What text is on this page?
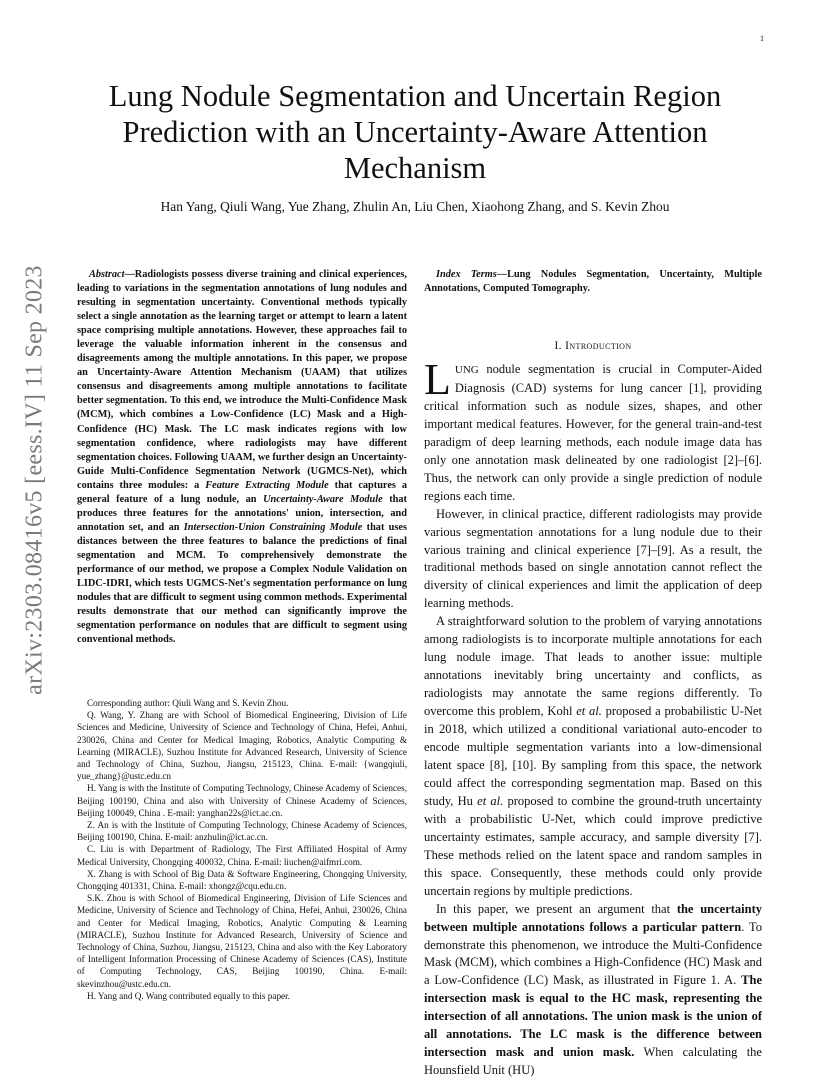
1
arXiv:2303.08416v5 [eess.IV] 11 Sep 2023
Lung Nodule Segmentation and Uncertain Region Prediction with an Uncertainty-Aware Attention Mechanism

Han Yang, Qiuli Wang, Yue Zhang, Zhulin An, Liu Chen, Xiaohong Zhang, and S. Kevin Zhou

Abstract—Radiologists possess diverse training and clinical experiences, leading to variations in the segmentation annotations of lung nodules and resulting in segmentation uncertainty. Conventional methods typically select a single annotation as the learning target or attempt to learn a latent space comprising multiple annotations. However, these approaches fail to leverage the valuable information inherent in the consensus and disagreements among the multiple annotations. In this paper, we propose an Uncertainty-Aware Attention Mechanism (UAAM) that utilizes consensus and disagreements among multiple annotations to facilitate better segmentation. To this end, we introduce the Multi-Confidence Mask (MCM), which combines a Low-Confidence (LC) Mask and a High-Confidence (HC) Mask. The LC mask indicates regions with low segmentation confidence, where radiologists may have different segmentation choices. Following UAAM, we further design an Uncertainty-Guide Multi-Confidence Segmentation Network (UGMCS-Net), which contains three modules: a Feature Extracting Module that captures a general feature of a lung nodule, an Uncertainty-Aware Module that produces three features for the annotations' union, intersection, and annotation set, and an Intersection-Union Constraining Module that uses distances between the three features to balance the predictions of final segmentation and MCM. To comprehensively demonstrate the performance of our method, we propose a Complex Nodule Validation on LIDC-IDRI, which tests UGMCS-Net's segmentation performance on lung nodules that are difficult to segment using common methods. Experimental results demonstrate that our method can significantly improve the segmentation performance on nodules that are difficult to segment using conventional methods.

Corresponding author: Qiuli Wang and S. Kevin Zhou.

Q. Wang, Y. Zhang are with School of Biomedical Engineering, Division of Life Sciences and Medicine, University of Science and Technology of China, Hefei, Anhui, 230026, China and Center for Medical Imaging, Robotics, Analytic Computing & Learning (MIRACLE), Suzhou Institute for Advanced Research, University of Science and Technology of China, Suzhou, Jiangsu, 215123, China. E-mail: {wangqiuli, yue_zhang}@ustc.edu.cn

H. Yang is with the Institute of Computing Technology, Chinese Academy of Sciences, Beijing 100190, China and also with University of Chinese Academy of Sciences, Beijing 100049, China . E-mail: yanghan22s@ict.ac.cn.

Z. An is with the Institute of Computing Technology, Chinese Academy of Sciences, Beijing 100190, China. E-mail: anzhulin@ict.ac.cn.

C. Liu is with Department of Radiology, The First Affiliated Hospital of Army Medical University, Chongqing 400032, China. E-mail: liuchen@aifmri.com.

X. Zhang is with School of Big Data & Software Engineering, Chongqing University, Chongqing 401331, China. E-mail: xhongz@cqu.edu.cn.

S.K. Zhou is with School of Biomedical Engineering, Division of Life Sciences and Medicine, University of Science and Technology of China, Hefei, Anhui, 230026, China and Center for Medical Imaging, Robotics, Analytic Computing & Learning (MIRACLE), Suzhou Institute for Advanced Research, University of Science and Technology of China, Suzhou, Jiangsu, 215123, China and also with the Key Laboratory of Intelligent Information Processing of Chinese Academy of Sciences (CAS), Institute of Computing Technology, CAS, Beijing 100190, China. E-mail: skevinzhou@ustc.edu.cn.

H. Yang and Q. Wang contributed equally to this paper.

Index Terms—Lung Nodules Segmentation, Uncertainty, Multiple Annotations, Computed Tomography.

I. Introduction

LUNG nodule segmentation is crucial in Computer-Aided Diagnosis (CAD) systems for lung cancer [1], providing critical information such as nodule sizes, shapes, and other important medical features. However, for the general train-and-test paradigm of deep learning methods, each nodule image data has only one annotation mask delineated by one radiologist [2]–[6]. Thus, the network can only provide a single prediction of nodule regions each time.

However, in clinical practice, different radiologists may provide various segmentation annotations for a lung nodule due to their various training and clinical experience [7]–[9]. As a result, the traditional methods based on single annotation cannot reflect the diversity of clinical experiences and limit the application of deep learning methods.

A straightforward solution to the problem of varying annotations among radiologists is to incorporate multiple annotations for each lung nodule image. That leads to another issue: multiple annotations inevitably bring uncertainty and conflicts, as radiologists may annotate the same regions differently. To overcome this problem, Kohl et al. proposed a probabilistic U-Net in 2018, which utilized a conditional variational auto-encoder to encode multiple segmentation variants into a low-dimensional latent space [8], [10]. By sampling from this space, the network could affect the corresponding segmentation map. Based on this study, Hu et al. proposed to combine the ground-truth uncertainty with a probabilistic U-Net, which could improve predictive uncertainty estimates, sample accuracy, and sample diversity [7]. These methods relied on the latent space and random samples in this space. Consequently, these methods could only provide uncertain regions by multiple predictions.

In this paper, we present an argument that the uncertainty between multiple annotations follows a particular pattern. To demonstrate this phenomenon, we introduce the Multi-Confidence Mask (MCM), which combines a High-Confidence (HC) Mask and a Low-Confidence (LC) Mask, as illustrated in Figure 1. A. The intersection mask is equal to the HC mask, representing the intersection of all annotations. The union mask is the union of all annotations. The LC mask is the difference between intersection mask and union mask. When calculating the Hounsfield Unit (HU)
